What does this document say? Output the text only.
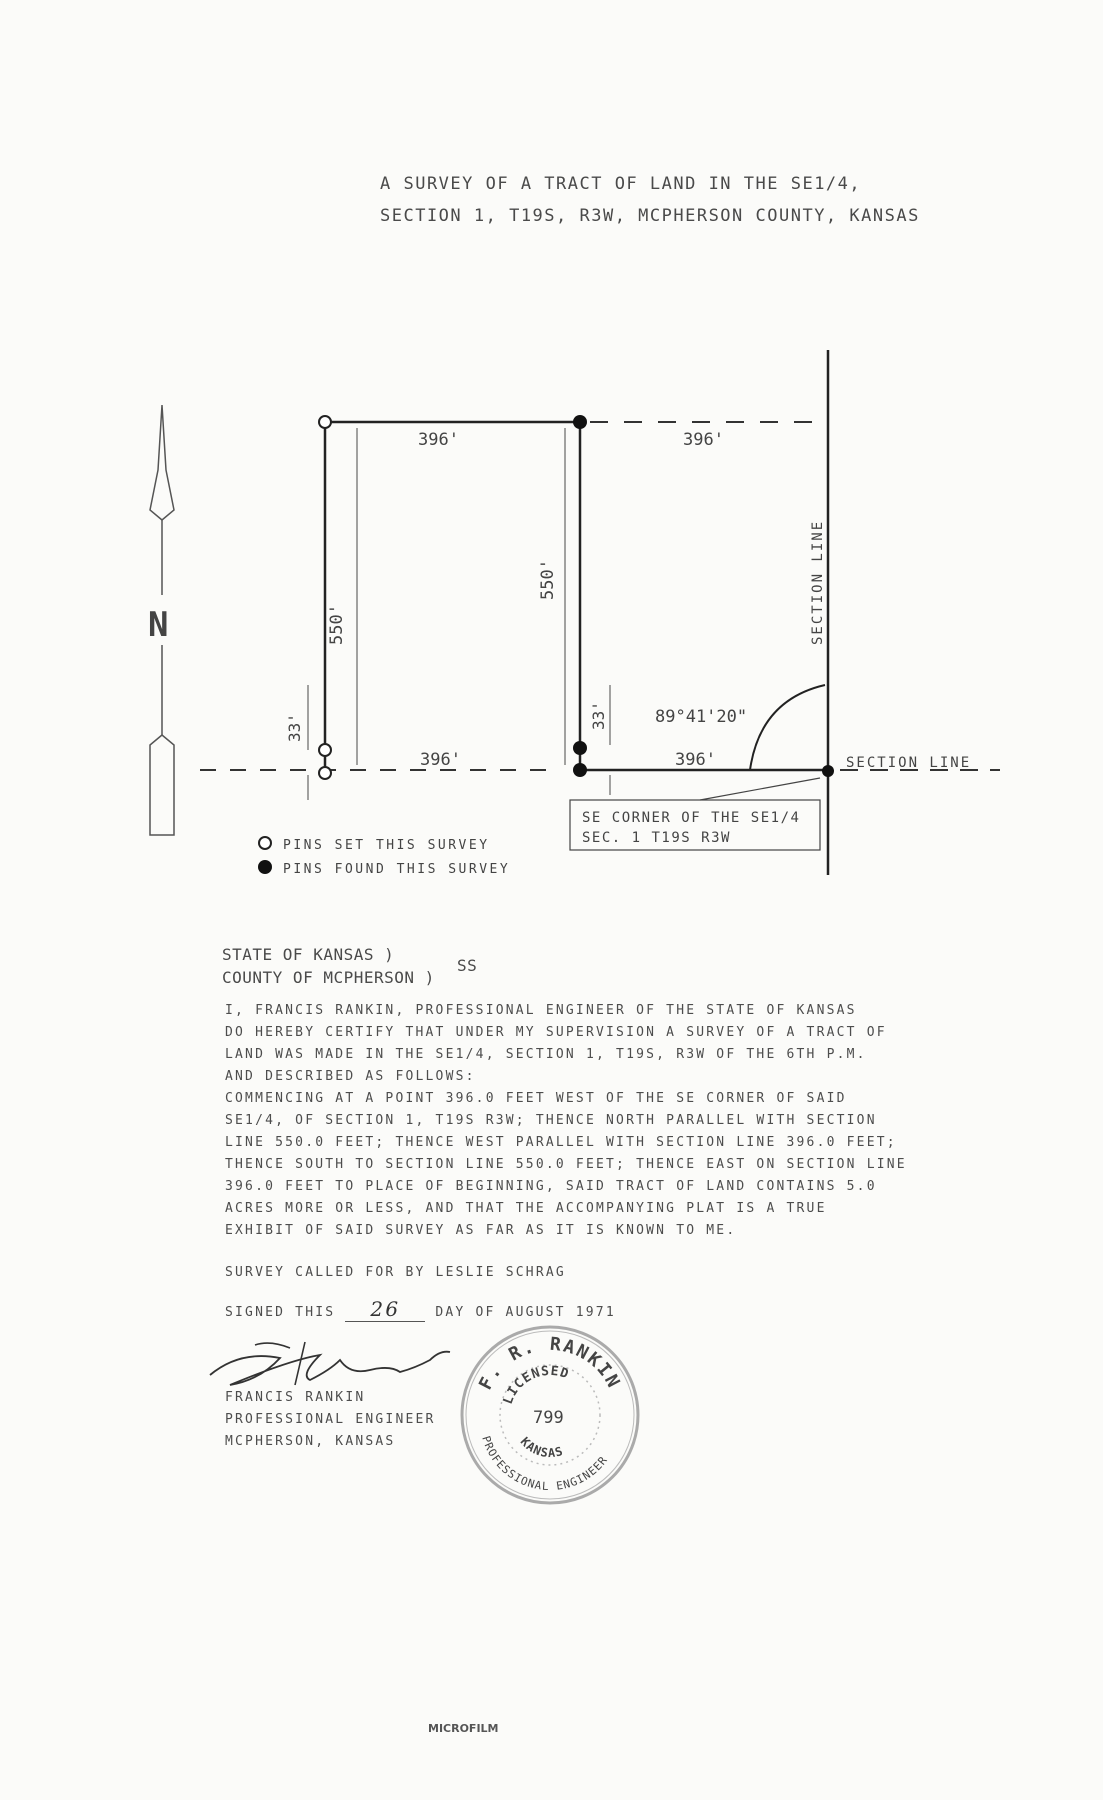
A SURVEY OF A TRACT OF LAND IN THE SE1/4,
SECTION 1, T19S, R3W, MCPHERSON COUNTY, KANSAS
N
396'	396'
396'	396'
550'
550'
33'	33'	89°41'20"
SECTION LINE
SECTION LINE
SE CORNER OF THE SE1/4
SEC. 1 T19S R3W
PINS SET THIS SURVEY
PINS FOUND THIS SURVEY
STATE OF KANSAS )
COUNTY OF MCPHERSON )
SS
I, FRANCIS RANKIN, PROFESSIONAL ENGINEER OF THE STATE OF KANSAS
DO HEREBY CERTIFY THAT UNDER MY SUPERVISION A SURVEY OF A TRACT OF
LAND WAS MADE IN THE SE1/4, SECTION 1, T19S, R3W OF THE 6TH P.M.
AND DESCRIBED AS FOLLOWS:
COMMENCING AT A POINT 396.0 FEET WEST OF THE SE CORNER OF SAID
SE1/4, OF SECTION 1, T19S R3W; THENCE NORTH PARALLEL WITH SECTION
LINE 550.0 FEET; THENCE WEST PARALLEL WITH SECTION LINE 396.0 FEET;
THENCE SOUTH TO SECTION LINE 550.0 FEET; THENCE EAST ON SECTION LINE
396.0 FEET TO PLACE OF BEGINNING, SAID TRACT OF LAND CONTAINS 5.0
ACRES MORE OR LESS, AND THAT THE ACCOMPANYING PLAT IS A TRUE
EXHIBIT OF SAID SURVEY AS FAR AS IT IS KNOWN TO ME.
SURVEY CALLED FOR BY LESLIE SCHRAG
SIGNED THIS 26	DAY OF AUGUST 1971
FRANCIS RANKIN
PROFESSIONAL ENGINEER
MCPHERSON, KANSAS
F. R. RANKIN
PROFESSIONAL ENGINEER
LICENSED
KANSAS
799
MICROFILM
